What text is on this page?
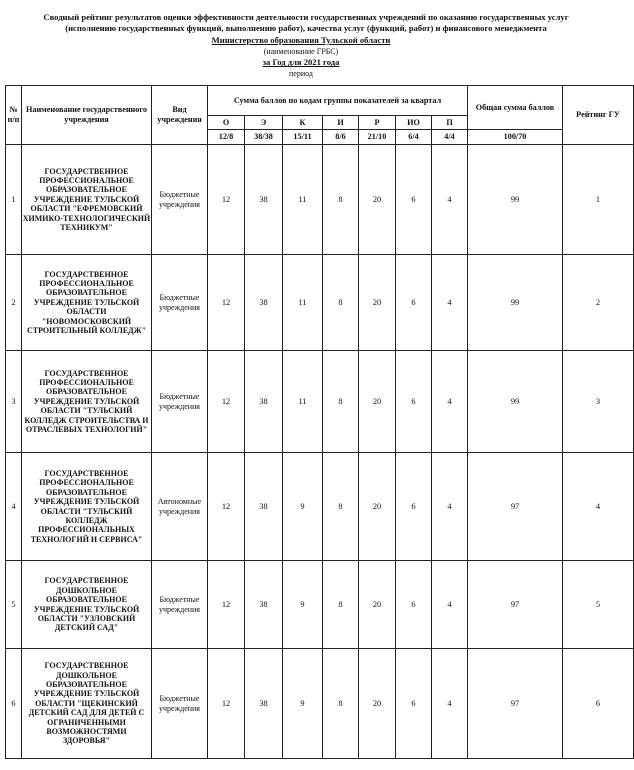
Сводный рейтинг результатов оценки эффективности деятельности государственных учреждений по оказанию государственных услуг (исполнению государственных функций, выполнению работ), качества услуг (функций, работ) и финансового менеджмента
Министерство образования Тульской области
(наименование ГРБС)
за Год для 2021 года
период
№ п/п	Наименование государственного учреждения	Вид учреждения	Сумма баллов по кодам группы показателей за квартал							Общая сумма баллов	Рейтинг ГУ
			О	Э	К	И	Р	ИО	П		
			12/8	38/38	15/11	8/6	21/10	6/4	4/4	100/70	
1	ГОСУДАРСТВЕННОЕ ПРОФЕССИОНАЛЬНОЕ ОБРАЗОВАТЕЛЬНОЕ УЧРЕЖДЕНИЕ ТУЛЬСКОЙ ОБЛАСТИ "ЕФРЕМОВСКИЙ ХИМИКО-ТЕХНОЛОГИЧЕСКИЙ ТЕХНИКУМ"	Бюджетные учреждения	12	38	11	8	20	6	4	99	1
2	ГОСУДАРСТВЕННОЕ ПРОФЕССИОНАЛЬНОЕ ОБРАЗОВАТЕЛЬНОЕ УЧРЕЖДЕНИЕ ТУЛЬСКОЙ ОБЛАСТИ "НОВОМОСКОВСКИЙ СТРОИТЕЛЬНЫЙ КОЛЛЕДЖ"	Бюджетные учреждения	12	38	11	8	20	6	4	99	2
3	ГОСУДАРСТВЕННОЕ ПРОФЕССИОНАЛЬНОЕ ОБРАЗОВАТЕЛЬНОЕ УЧРЕЖДЕНИЕ ТУЛЬСКОЙ ОБЛАСТИ "ТУЛЬСКИЙ КОЛЛЕДЖ СТРОИТЕЛЬСТВА И ОТРАСЛЕВЫХ ТЕХНОЛОГИЙ"	Бюджетные учреждения	12	38	11	8	20	6	4	99	3
4	ГОСУДАРСТВЕННОЕ ПРОФЕССИОНАЛЬНОЕ ОБРАЗОВАТЕЛЬНОЕ УЧРЕЖДЕНИЕ ТУЛЬСКОЙ ОБЛАСТИ "ТУЛЬСКИЙ КОЛЛЕДЖ ПРОФЕССИОНАЛЬНЫХ ТЕХНОЛОГИЙ И СЕРВИСА"	Автономные учреждения	12	38	9	8	20	6	4	97	4
5	ГОСУДАРСТВЕННОЕ ДОШКОЛЬНОЕ ОБРАЗОВАТЕЛЬНОЕ УЧРЕЖДЕНИЕ ТУЛЬСКОЙ ОБЛАСТИ "УЗЛОВСКИЙ ДЕТСКИЙ САД"	Бюджетные учреждения	12	38	9	8	20	6	4	97	5
6	ГОСУДАРСТВЕННОЕ ДОШКОЛЬНОЕ ОБРАЗОВАТЕЛЬНОЕ УЧРЕЖДЕНИЕ ТУЛЬСКОЙ ОБЛАСТИ "ЩЕКИНСКИЙ ДЕТСКИЙ САД ДЛЯ ДЕТЕЙ С ОГРАНИЧЕННЫМИ ВОЗМОЖНОСТЯМИ ЗДОРОВЬЯ"	Бюджетные учреждения	12	38	9	8	20	6	4	97	6
